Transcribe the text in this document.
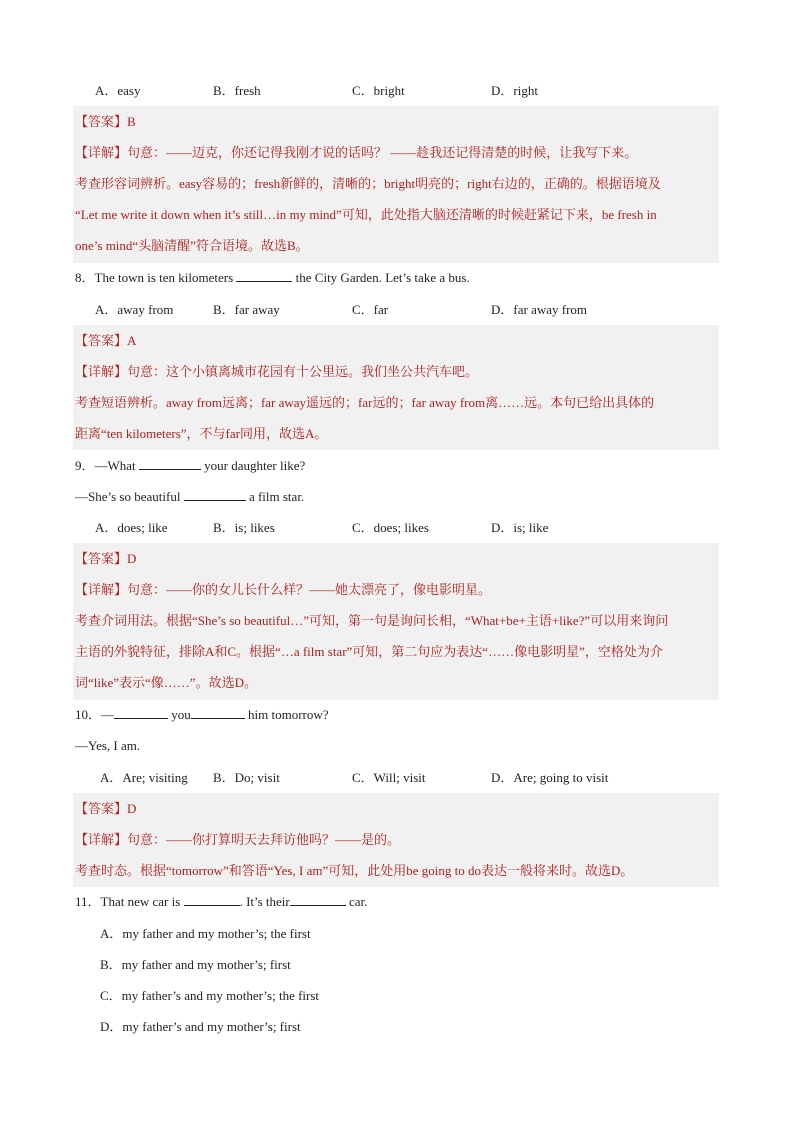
A．easy	B．fresh	C．bright	D．right
【答案】B
【详解】句意：——迈克，你还记得我刚才说的话吗？ ——趁我还记得清楚的时候，让我写下来。
考查形容词辨析。easy容易的；fresh新鲜的，清晰的；bright明亮的；right右边的，正确的。根据语境及
“Let me write it down when it’s still…in my mind”可知，此处指大脑还清晰的时候赶紧记下来，be fresh in
one’s mind“头脑清醒”符合语境。故选B。
8．The town is ten kilometers	the City Garden. Let’s take a bus.
A．away from	B．far away	C．far	D．far away from
【答案】A
【详解】句意：这个小镇离城市花园有十公里远。我们坐公共汽车吧。
考查短语辨析。away from远离；far away遥远的；far远的；far away from离……远。本句已给出具体的
距离“ten kilometers”，不与far同用，故选A。
9．—What	your daughter like?
—She’s so beautiful	a film star.
A．does; like	B．is; likes	C．does; likes	D．is; like
【答案】D
【详解】句意：——你的女儿长什么样？——她太漂亮了，像电影明星。
考查介词用法。根据“She’s so beautiful…”可知，第一句是询问长相，“What+be+主语+like?”可以用来询问
主语的外貌特征，排除A和C。根据“…a film star”可知，第二句应为表达“……像电影明星”，空格处为介
词“like”表示“像……”。故选D。
10．—	you	him tomorrow?
—Yes, I am.
A．Are; visiting B．Do; visit	C．Will; visit	D．Are; going to visit
【答案】D
【详解】句意：——你打算明天去拜访他吗？——是的。
考查时态。根据“tomorrow”和答语“Yes, I am”可知，此处用be going to do表达一般将来时。故选D。
11．That new car is	. It’s their	car.
A．my father and my mother’s; the first
B．my father and my mother’s; first
C．my father’s and my mother’s; the first
D．my father’s and my mother’s; first
